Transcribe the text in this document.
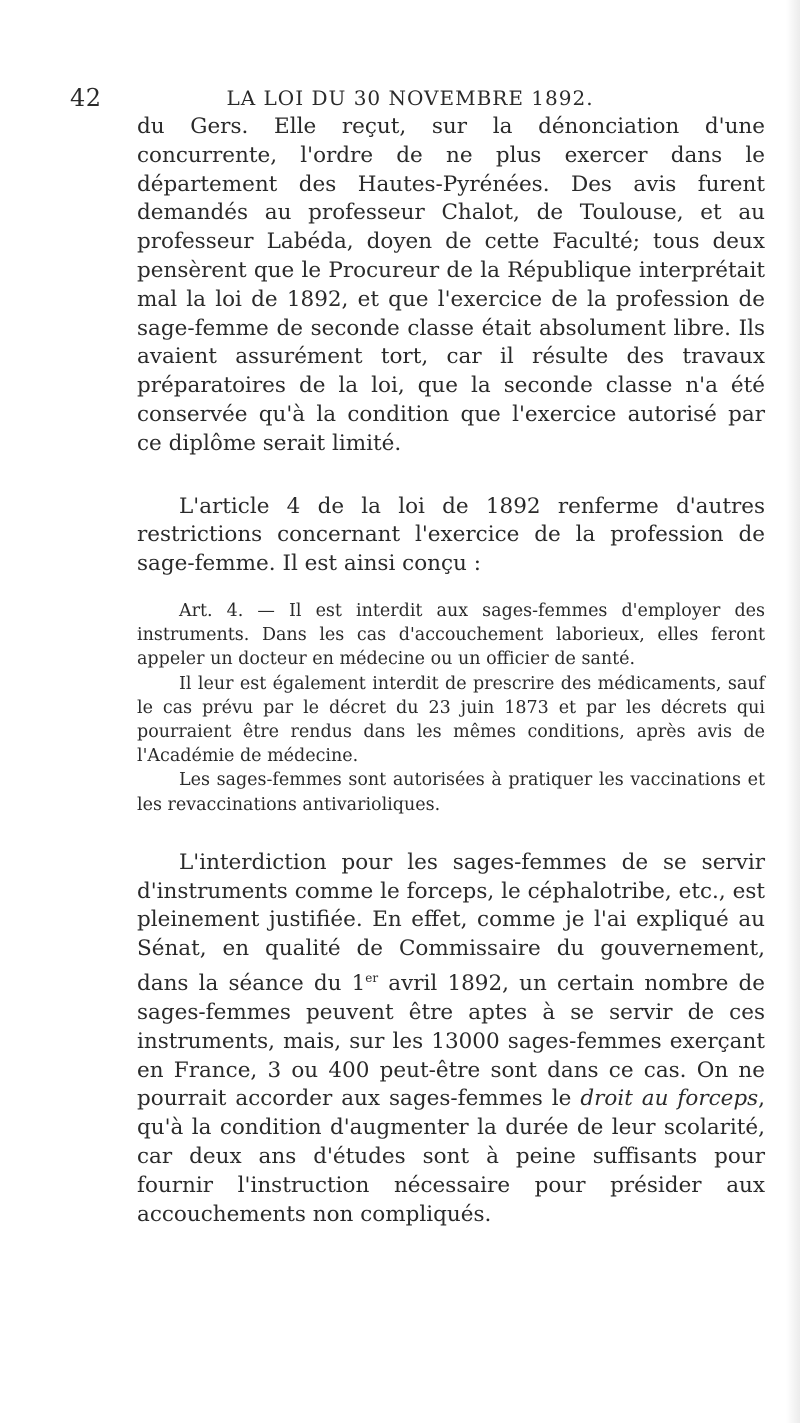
42	LA LOI DU 30 NOVEMBRE 1892.

du Gers. Elle reçut, sur la dénonciation d'une concurrente, l'ordre de ne plus exercer dans le département des Hautes-Pyrénées. Des avis furent demandés au professeur Chalot, de Toulouse, et au professeur Labéda, doyen de cette Faculté; tous deux pensèrent que le Procureur de la République interprétait mal la loi de 1892, et que l'exercice de la profession de sage-femme de seconde classe était absolument libre. Ils avaient assurément tort, car il résulte des travaux préparatoires de la loi, que la seconde classe n'a été conservée qu'à la condition que l'exercice autorisé par ce diplôme serait limité.

L'article 4 de la loi de 1892 renferme d'autres restrictions concernant l'exercice de la profession de sage-femme. Il est ainsi conçu :

Art. 4. — Il est interdit aux sages-femmes d'employer des instruments. Dans les cas d'accouchement laborieux, elles feront appeler un docteur en médecine ou un officier de santé.

Il leur est également interdit de prescrire des médicaments, sauf le cas prévu par le décret du 23 juin 1873 et par les décrets qui pourraient être rendus dans les mêmes conditions, après avis de l'Académie de médecine.

Les sages-femmes sont autorisées à pratiquer les vaccinations et les revaccinations antivarioliques.

L'interdiction pour les sages-femmes de se servir d'instruments comme le forceps, le céphalotribe, etc., est pleinement justifiée. En effet, comme je l'ai expliqué au Sénat, en qualité de Commissaire du gouvernement, dans la séance du 1er avril 1892, un certain nombre de sages-femmes peuvent être aptes à se servir de ces instruments, mais, sur les 13000 sages-femmes exerçant en France, 3 ou 400 peut-être sont dans ce cas. On ne pourrait accorder aux sages-femmes le droit au forceps, qu'à la condition d'augmenter la durée de leur scolarité, car deux ans d'études sont à peine suffisants pour fournir l'instruction nécessaire pour présider aux accouchements non compliqués.
